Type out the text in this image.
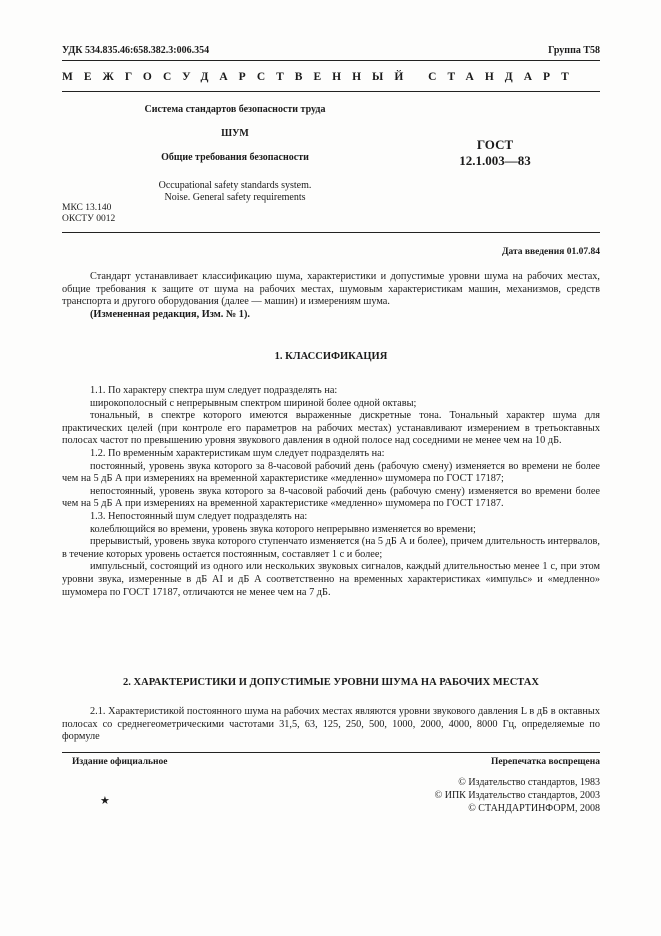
УДК 534.835.46:658.382.3:006.354	Группа Т58
МЕЖГОСУДАРСТВЕННЫЙ СТАНДАРТ
Система стандартов безопасности труда
ШУМ
Общие требования безопасности
Occupational safety standards system.
Noise. General safety requirements
ГОСТ
12.1.003—83
МКС 13.140
ОКСТУ 0012
Дата введения 01.07.84

Стандарт устанавливает классификацию шума, характеристики и допустимые уровни шума на рабочих местах, общие требования к защите от шума на рабочих местах, шумовым характеристикам машин, механизмов, средств транспорта и другого оборудования (далее — машин) и измерениям шума.

(Измененная редакция, Изм. № 1).

1. КЛАССИФИКАЦИЯ

1.1. По характеру спектра шум следует подразделять на:

широкополосный с непрерывным спектром шириной более одной октавы;

тональный, в спектре которого имеются выраженные дискретные тона. Тональный характер шума для практических целей (при контроле его параметров на рабочих местах) устанавливают измерением в третьоктавных полосах частот по превышению уровня звукового давления в одной полосе над соседними не менее чем на 10 дБ.

1.2. По временны́м характеристикам шум следует подразделять на:

постоянный, уровень звука которого за 8-часовой рабочий день (рабочую смену) изменяется во времени не более чем на 5 дБ А при измерениях на временной характеристике «медленно» шумомера по ГОСТ 17187;

непостоянный, уровень звука которого за 8-часовой рабочий день (рабочую смену) изменяется во времени более чем на 5 дБ А при измерениях на временной характеристике «медленно» шумомера по ГОСТ 17187.

1.3. Непостоянный шум следует подразделять на:

колеблющийся во времени, уровень звука которого непрерывно изменяется во времени;

прерывистый, уровень звука которого ступенчато изменяется (на 5 дБ А и более), причем длительность интервалов, в течение которых уровень остается постоянным, составляет 1 с и более;

импульсный, состоящий из одного или нескольких звуковых сигналов, каждый длительностью менее 1 с, при этом уровни звука, измеренные в дБ AI и дБ А соответственно на временных характеристиках «импульс» и «медленно» шумомера по ГОСТ 17187, отличаются не менее чем на 7 дБ.

2. ХАРАКТЕРИСТИКИ И ДОПУСТИМЫЕ УРОВНИ ШУМА НА РАБОЧИХ МЕСТАХ

2.1. Характеристикой постоянного шума на рабочих местах являются уровни звукового давления L в дБ в октавных полосах со среднегеометрическими частотами 31,5, 63, 125, 250, 500, 1000, 2000, 4000, 8000 Гц, определяемые по формуле

Издание официальное	Перепечатка воспрещена
© Издательство стандартов, 1983
© ИПК Издательство стандартов, 2003
© СТАНДАРТИНФОРМ, 2008
★
